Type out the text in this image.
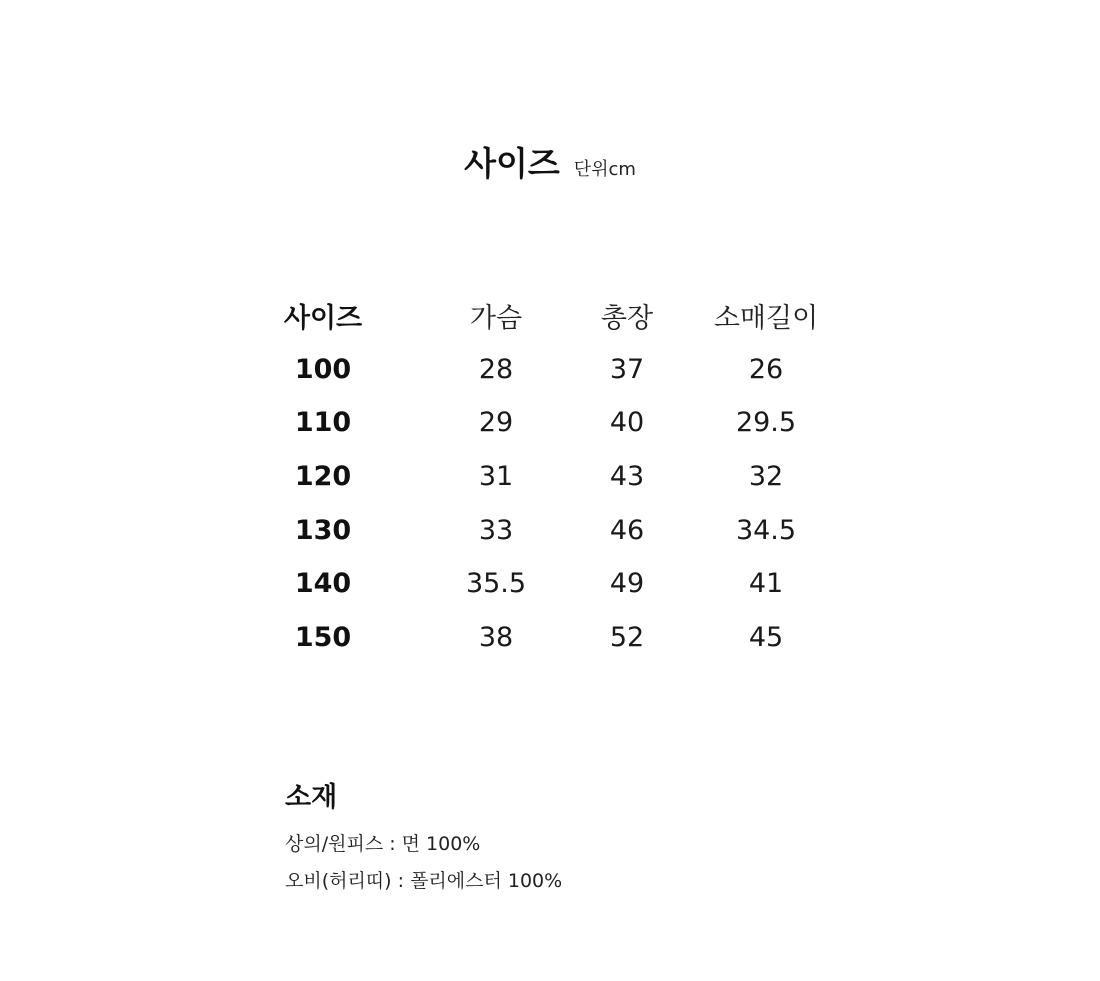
사이즈 단위cm
사이즈	가슴	총장	소매길이
100	28	37	26
110	29	40	29.5
120	31	43	32
130	33	46	34.5
140	35.5	49	41
150	38	52	45
소재
상의/원피스 : 면 100%
오비(허리띠) : 폴리에스터 100%
